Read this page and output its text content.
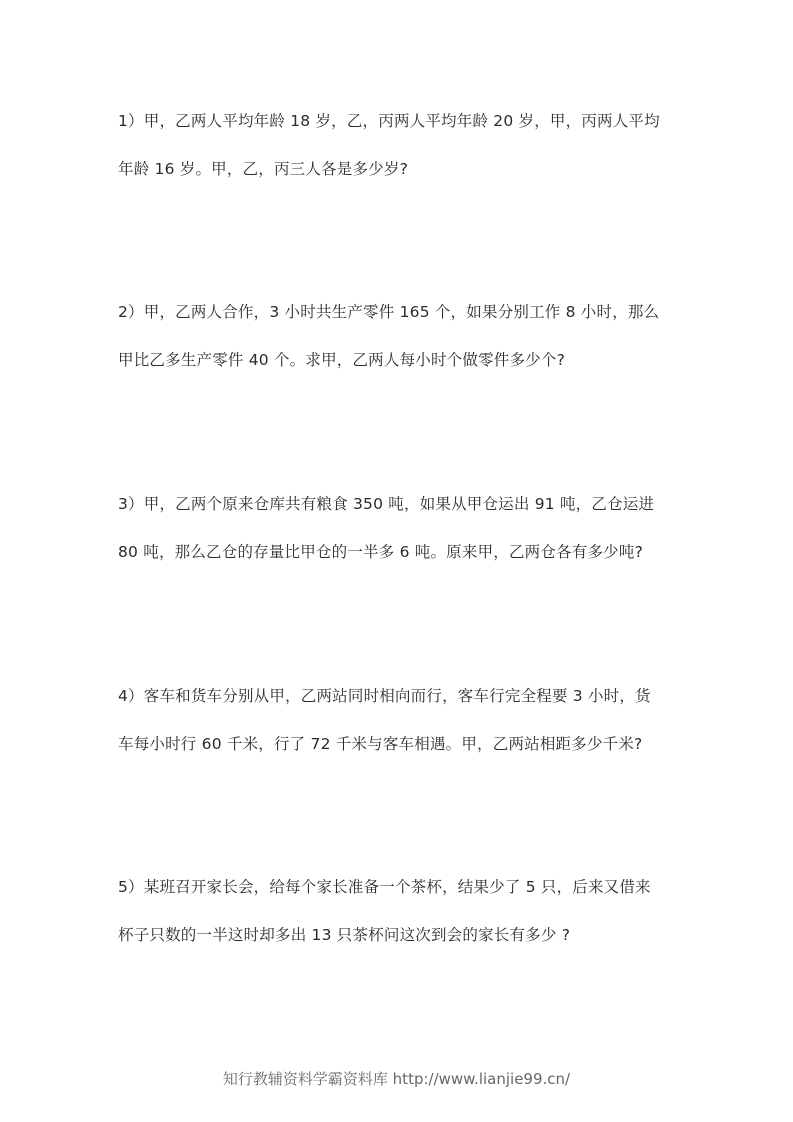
1）甲，乙两人平均年龄 18 岁，乙，丙两人平均年龄 20 岁，甲，丙两人平均
年龄 16 岁。甲，乙，丙三人各是多少岁?
2）甲，乙两人合作，3 小时共生产零件 165 个，如果分别工作 8 小时，那么
甲比乙多生产零件 40 个。求甲，乙两人每小时个做零件多少个?
3）甲，乙两个原来仓库共有粮食 350 吨，如果从甲仓运出 91 吨，乙仓运进
80 吨，那么乙仓的存量比甲仓的一半多 6 吨。原来甲，乙两仓各有多少吨?
4）客车和货车分别从甲，乙两站同时相向而行，客车行完全程要 3 小时，货
车每小时行 60 千米，行了 72 千米与客车相遇。甲，乙两站相距多少千米?
5）某班召开家长会，给每个家长准备一个茶杯，结果少了 5 只，后来又借来
杯子只数的一半这时却多出 13 只茶杯问这次到会的家长有多少 ?
知行教辅资料学霸资料库 http://www.lianjie99.cn/
